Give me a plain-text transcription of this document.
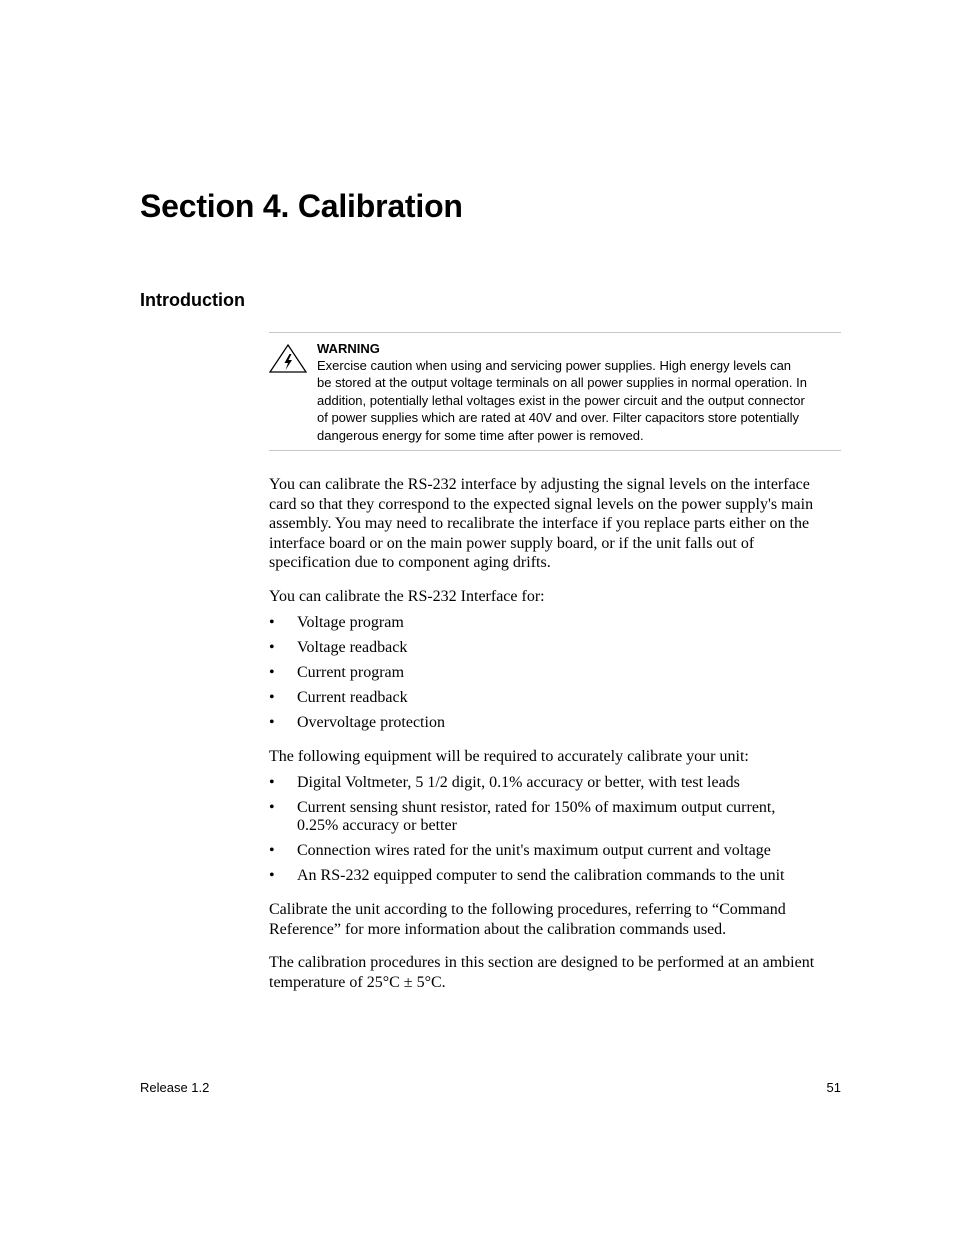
Section 4. Calibration
Introduction
WARNING
Exercise caution when using and servicing power supplies. High energy levels can
be stored at the output voltage terminals on all power supplies in normal operation. In
addition, potentially lethal voltages exist in the power circuit and the output connector
of power supplies which are rated at 40V and over. Filter capacitors store potentially
dangerous energy for some time after power is removed.
You can calibrate the RS-232 interface by adjusting the signal levels on the interface
card so that they correspond to the expected signal levels on the power supply's main
assembly. You may need to recalibrate the interface if you replace parts either on the
interface board or on the main power supply board, or if the unit falls out of
specification due to component aging drifts.

You can calibrate the RS-232 Interface for:

• Voltage program
• Voltage readback
• Current program
• Current readback
• Overvoltage protection

The following equipment will be required to accurately calibrate your unit:

• Digital Voltmeter, 5 1/2 digit, 0.1% accuracy or better, with test leads
• Current sensing shunt resistor, rated for 150% of maximum output current,
0.25% accuracy or better
• Connection wires rated for the unit's maximum output current and voltage
• An RS-232 equipped computer to send the calibration commands to the unit
Calibrate the unit according to the following procedures, referring to “Command
Reference” for more information about the calibration commands used.
The calibration procedures in this section are designed to be performed at an ambient
temperature of 25°C ± 5°C.
Release 1.2	51
